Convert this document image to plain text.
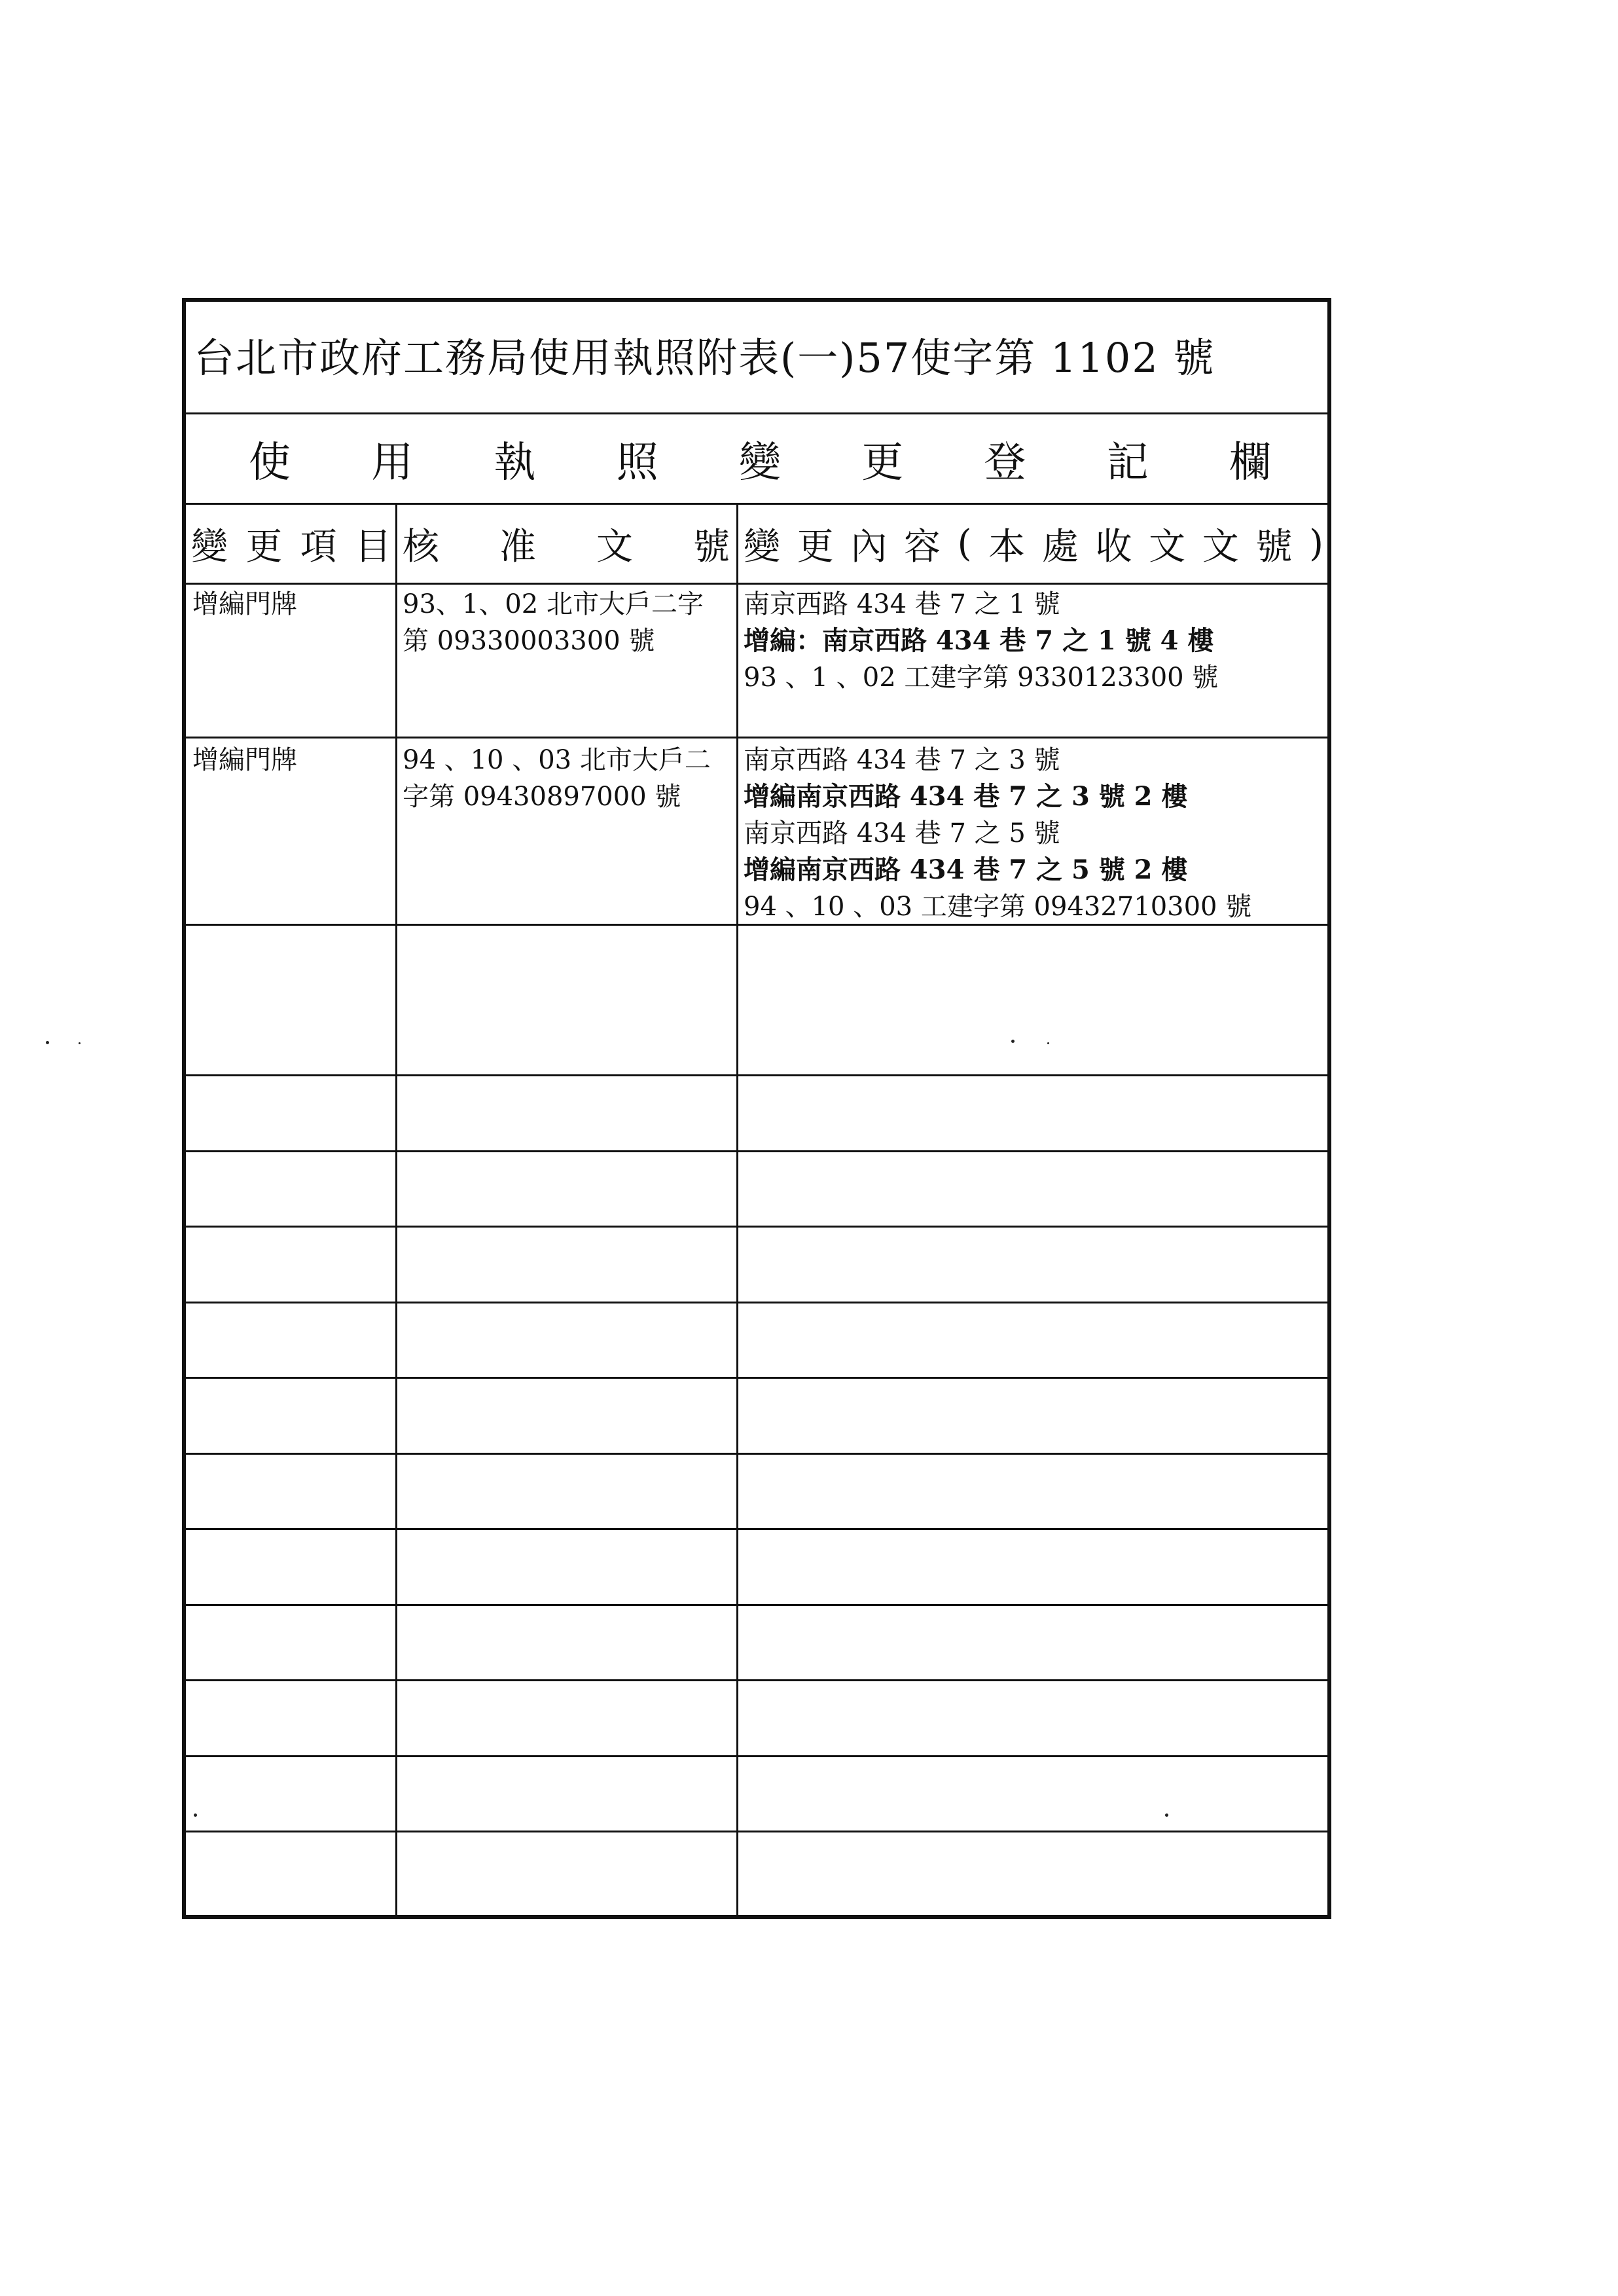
台北市政府工務局使用執照附表(一)57使字第 1102 號
使 用 執 照 變 更 登 記 欄
變 更 項 目 核 准 文 號 變 更 內 容 ( 本 處 收 文 文 號 )
增編門牌	93、1、02 北市大戶二字
第 09330003300 號
南京西路 434 巷 7 之 1 號
增編：南京西路 434 巷 7 之 1 號 4 樓
93 、1 、02 工建字第 9330123300 號
增編門牌	94 、10 、03 北市大戶二
字第 09430897000 號
南京西路 434 巷 7 之 3 號
增編南京西路 434 巷 7 之 3 號 2 樓
南京西路 434 巷 7 之 5 號
增編南京西路 434 巷 7 之 5 號 2 樓
94 、10 、03 工建字第 09432710300 號
